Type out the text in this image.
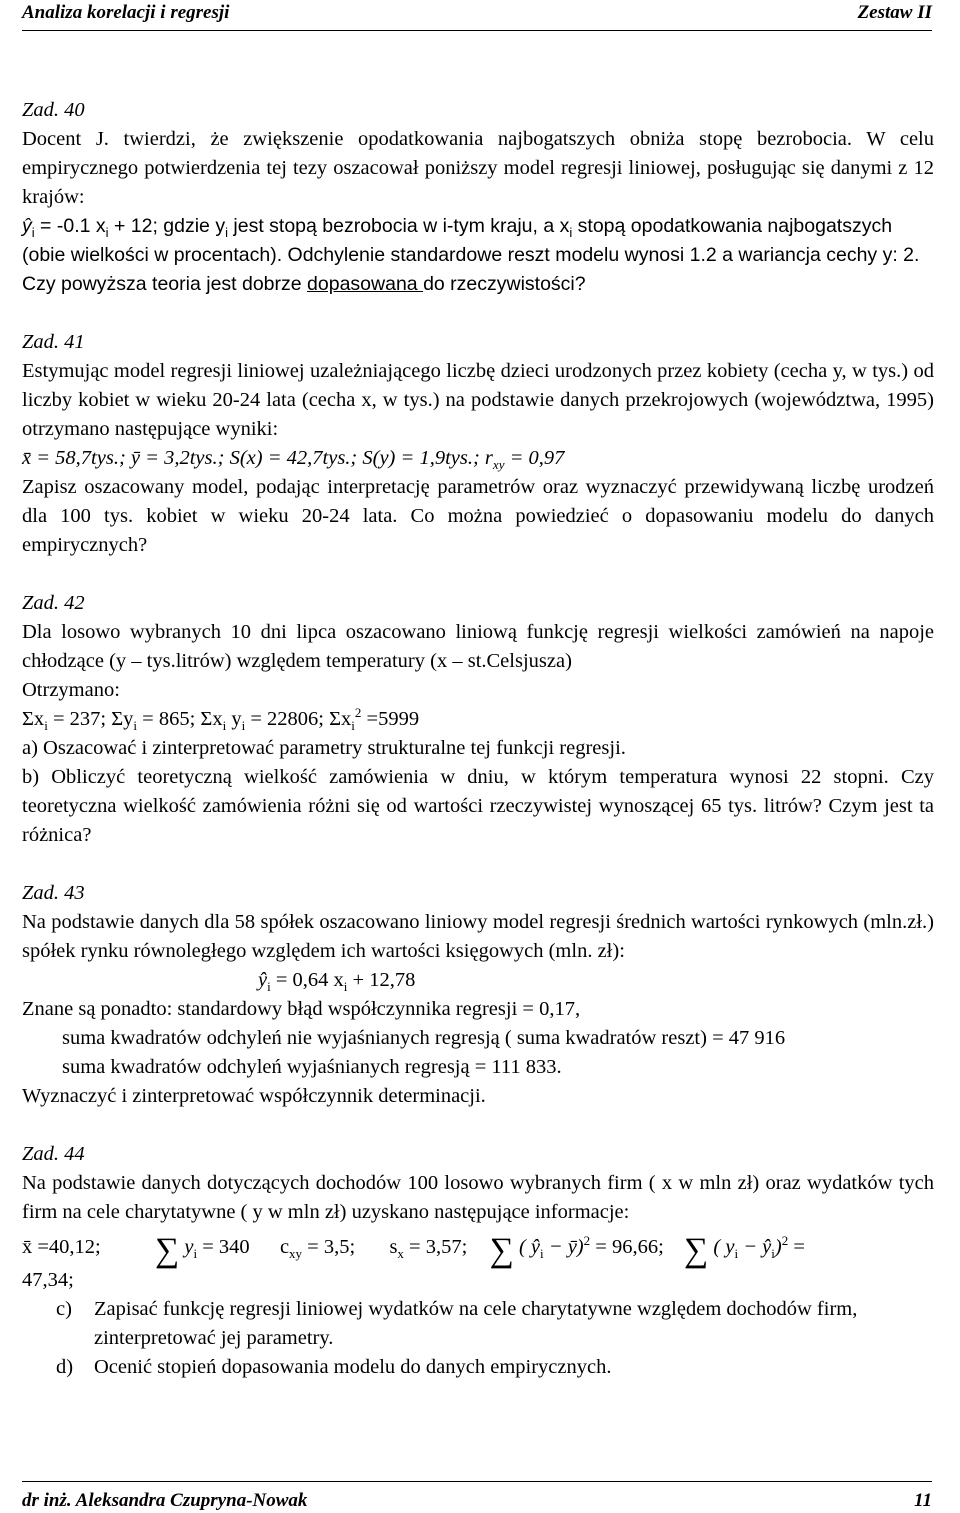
Analiza korelacji i regresji	Zestaw II
Zad. 40
Docent J. twierdzi, że zwiększenie opodatkowania najbogatszych obniża stopę bezrobocia. W celu empirycznego potwierdzenia tej tezy oszacował poniższy model regresji liniowej, posługując się danymi z 12 krajów:
$ŷ_i = -0.1$ $x_i + 12$; gdzie $y_i$ jest stopą bezrobocia w i-tym kraju, a $x_i$ stopą opodatkowania najbogatszych (obie wielkości w procentach). Odchylenie standardowe reszt modelu wynosi 1.2 a wariancja cechy y: 2. Czy powyższa teoria jest dobrze dopasowana do rzeczywistości?
Zad. 41
Estymując model regresji liniowej uzależniającego liczbę dzieci urodzonych przez kobiety (cecha y, w tys.) od liczby kobiet w wieku 20-24 lata (cecha x, w tys.) na podstawie danych przekrojowych (województwa, 1995) otrzymano następujące wyniki:
x̄ = 58,7tys.; ȳ = 3,2tys.; S(x) = 42,7tys.; S(y) = 1,9tys.; $r_{xy} = 0,97$
Zapisz oszacowany model, podając interpretację parametrów oraz wyznaczyć przewidywaną liczbę urodzeń dla 100 tys. kobiet w wieku 20-24 lata. Co można powiedzieć o dopasowaniu modelu do danych empirycznych?
Zad. 42
Dla losowo wybranych 10 dni lipca oszacowano liniową funkcję regresji wielkości zamówień na napoje chłodzące (y – tys.litrów) względem temperatury (x – st.Celsjusza)
Otrzymano:
$\Sigma x_i = 237$; $\Sigma y_i = 865$; $\Sigma x_i$ $y_i = 22806$; $\Sigma x_i^2 =5999$
a) Oszacować i zinterpretować parametry strukturalne tej funkcji regresji.
b) Obliczyć teoretyczną wielkość zamówienia w dniu, w którym temperatura wynosi 22 stopni. Czy teoretyczna wielkość zamówienia różni się od wartości rzeczywistej wynoszącej 65 tys. litrów? Czym jest ta różnica?
Zad. 43
Na podstawie danych dla 58 spółek oszacowano liniowy model regresji średnich wartości rynkowych (mln.zł.) spółek rynku równoległego względem ich wartości księgowych (mln. zł):
$ŷ_i = 0,64$ $x_i + 12,78$
Znane są ponadto: standardowy błąd współczynnika regresji = 0,17,
suma kwadratów odchyleń nie wyjaśnianych regresją ( suma kwadratów reszt) = 47 916
suma kwadratów odchyleń wyjaśnianych regresją = 111 833.
Wyznaczyć i zinterpretować współczynnik determinacji.
Zad. 44
Na podstawie danych dotyczących dochodów 100 losowo wybranych firm ( x w mln zł) oraz wydatków tych firm na cele charytatywne ( y w mln zł) uzyskano następujące informacje:
x̄ =40,12; ∑ $y_i = 340$ $c_{xy} = 3,5$; $s_x = 3,57$; ∑ ( $ŷ_i$ − ȳ)$^2$ = 96,66; ∑ ( $y_i$ − $ŷ_i)^2$ =
47,34;
c)	Zapisać funkcję regresji liniowej wydatków na cele charytatywne względem dochodów firm, zinterpretować jej parametry.
d)	Ocenić stopień dopasowania modelu do danych empirycznych.
dr inż. Aleksandra Czupryna-Nowak	11
